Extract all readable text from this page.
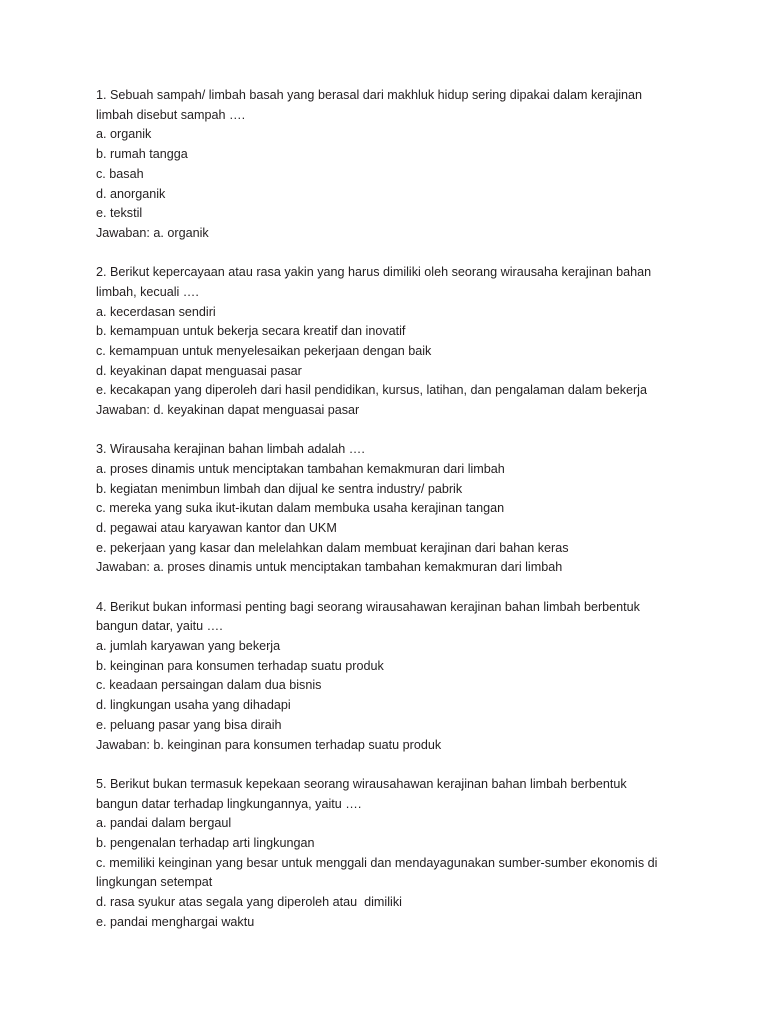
1. Sebuah sampah/ limbah basah yang berasal dari makhluk hidup sering dipakai dalam kerajinan limbah disebut sampah ….

a. organik

b. rumah tangga

c. basah

d. anorganik

e. tekstil

Jawaban: a. organik

2. Berikut kepercayaan atau rasa yakin yang harus dimiliki oleh seorang wirausaha kerajinan bahan limbah, kecuali ….

a. kecerdasan sendiri

b. kemampuan untuk bekerja secara kreatif dan inovatif

c. kemampuan untuk menyelesaikan pekerjaan dengan baik

d. keyakinan dapat menguasai pasar

e. kecakapan yang diperoleh dari hasil pendidikan, kursus, latihan, dan pengalaman dalam bekerja

Jawaban: d. keyakinan dapat menguasai pasar

3. Wirausaha kerajinan bahan limbah adalah ….

a. proses dinamis untuk menciptakan tambahan kemakmuran dari limbah

b. kegiatan menimbun limbah dan dijual ke sentra industry/ pabrik

c. mereka yang suka ikut-ikutan dalam membuka usaha kerajinan tangan

d. pegawai atau karyawan kantor dan UKM

e. pekerjaan yang kasar dan melelahkan dalam membuat kerajinan dari bahan keras

Jawaban: a. proses dinamis untuk menciptakan tambahan kemakmuran dari limbah

4. Berikut bukan informasi penting bagi seorang wirausahawan kerajinan bahan limbah berbentuk bangun datar, yaitu ….

a. jumlah karyawan yang bekerja

b. keinginan para konsumen terhadap suatu produk

c. keadaan persaingan dalam dua bisnis

d. lingkungan usaha yang dihadapi

e. peluang pasar yang bisa diraih

Jawaban: b. keinginan para konsumen terhadap suatu produk

5. Berikut bukan termasuk kepekaan seorang wirausahawan kerajinan bahan limbah berbentuk bangun datar terhadap lingkungannya, yaitu ….

a. pandai dalam bergaul

b. pengenalan terhadap arti lingkungan

c. memiliki keinginan yang besar untuk menggali dan mendayagunakan sumber-sumber ekonomis di lingkungan setempat

d. rasa syukur atas segala yang diperoleh atau  dimiliki

e. pandai menghargai waktu
